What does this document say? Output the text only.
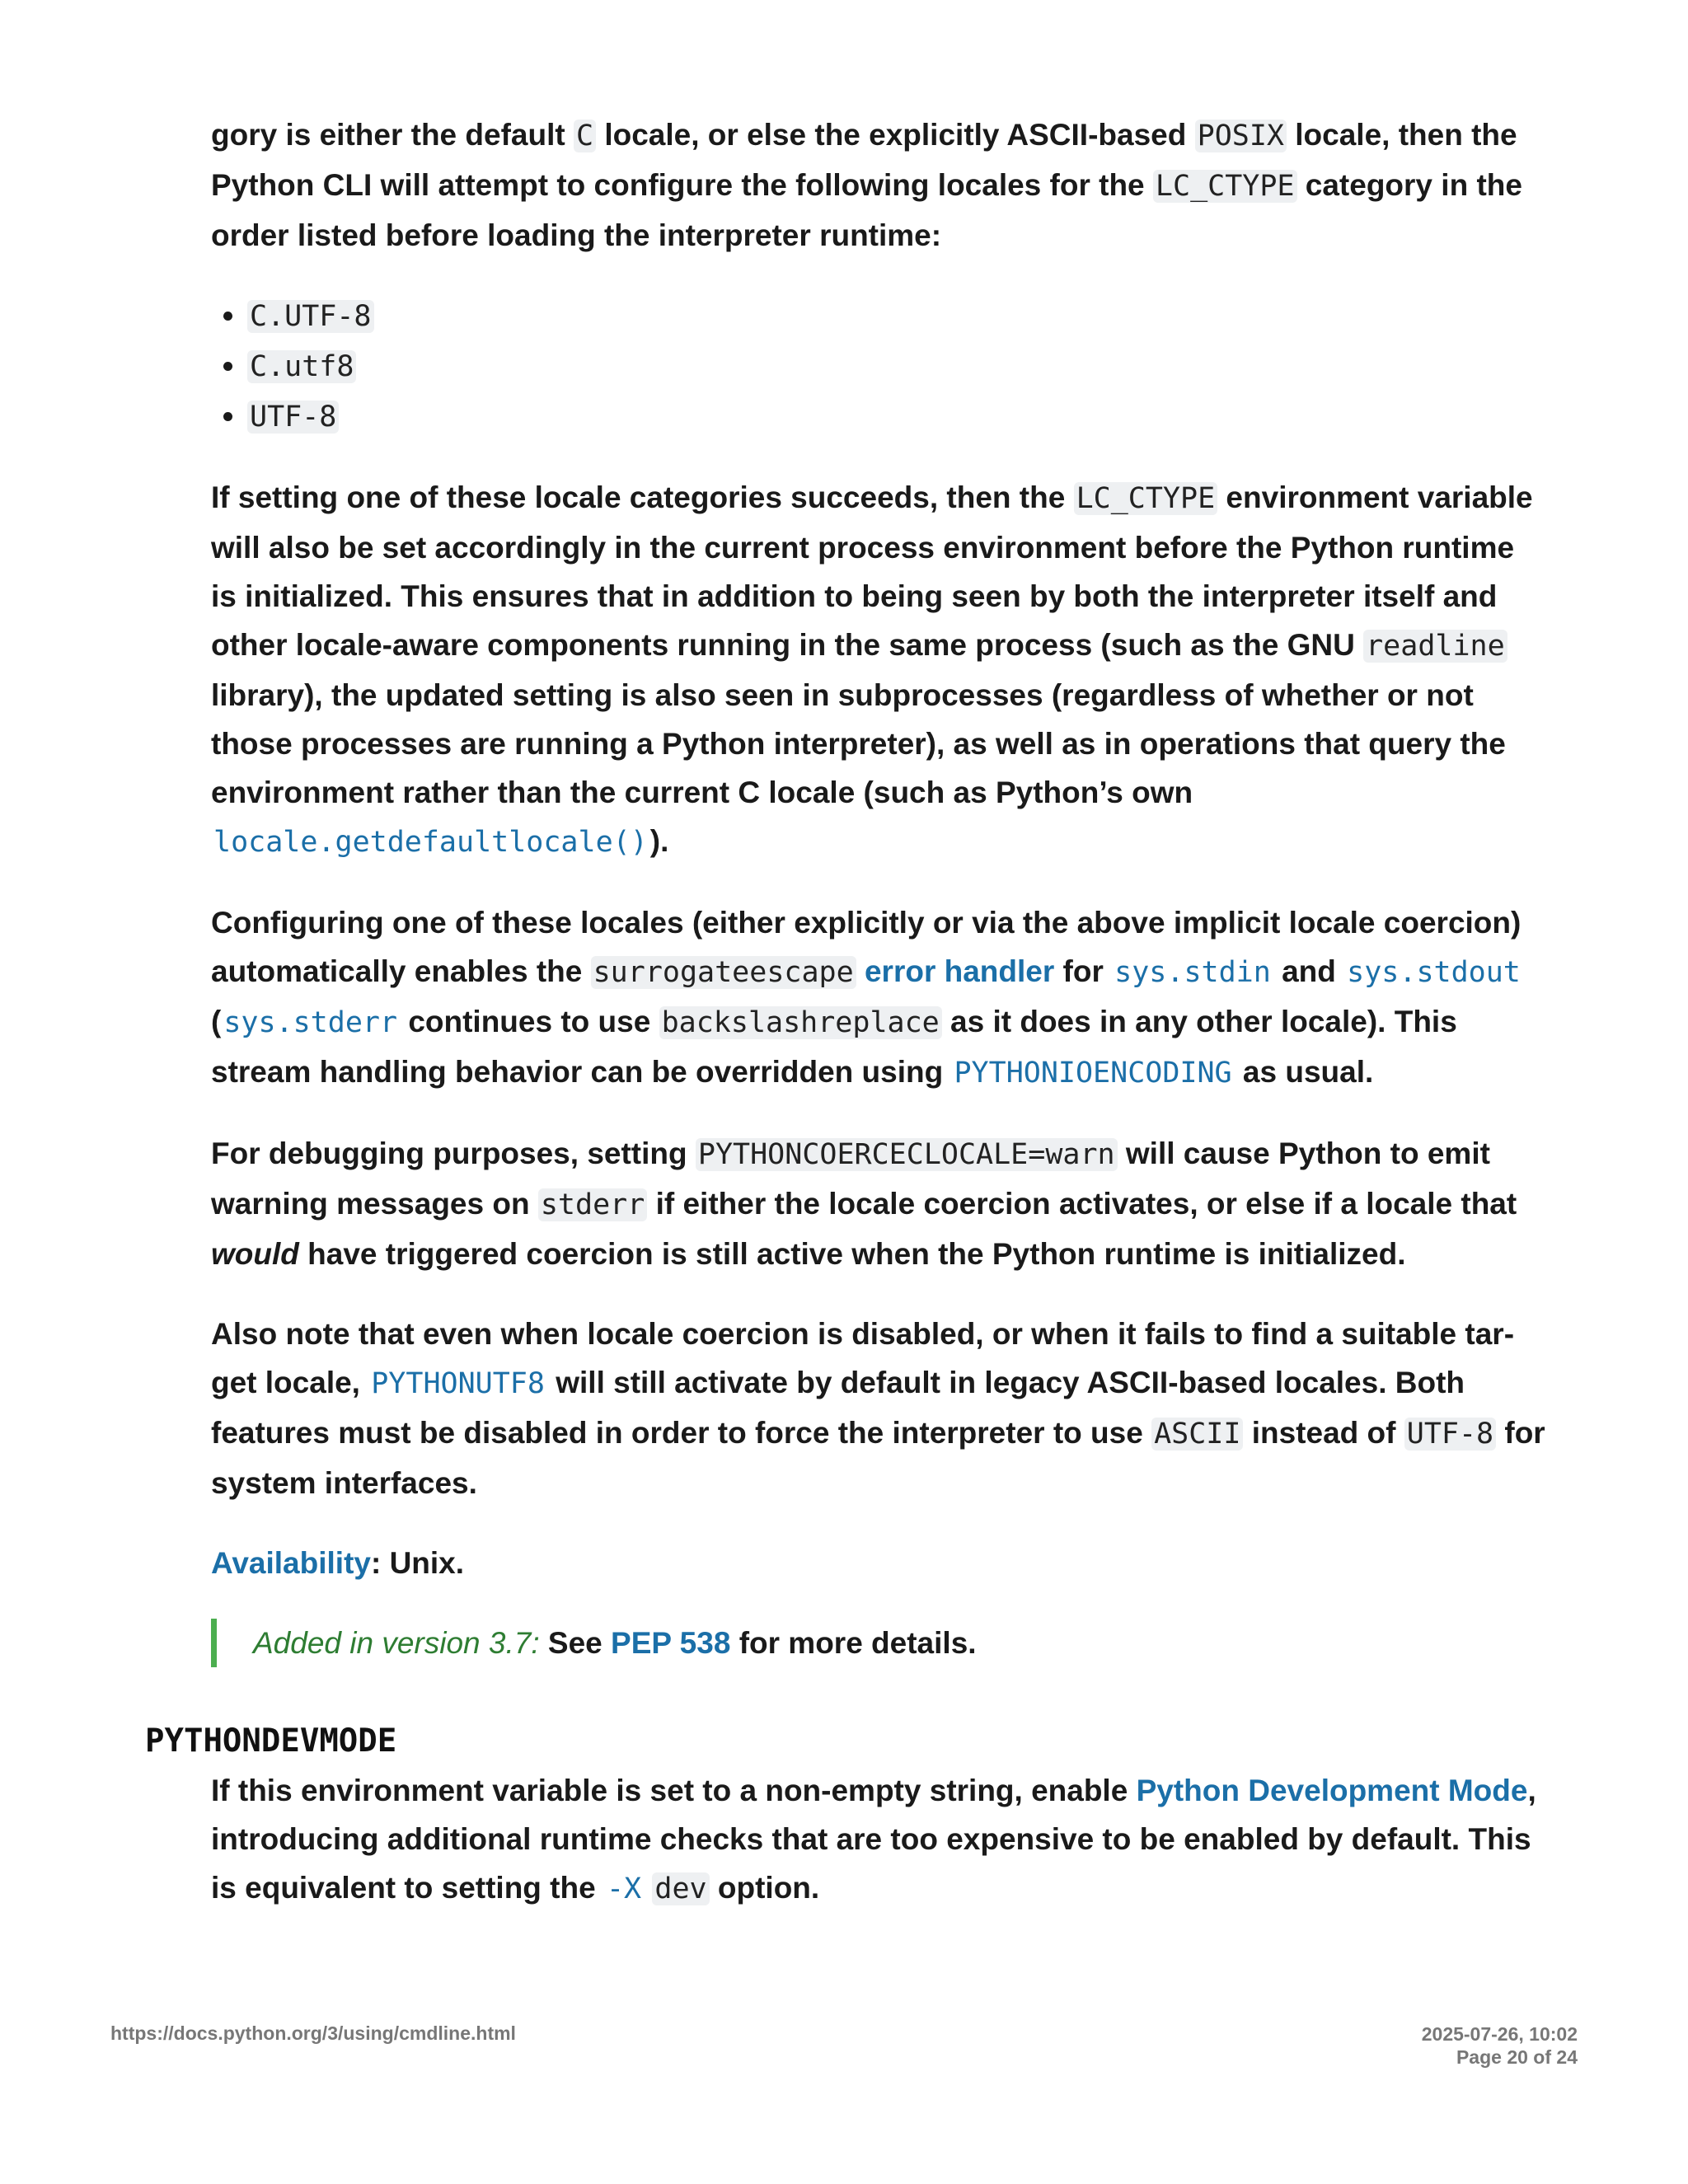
gory is either the default C locale, or else the explicitly ASCII-based POSIX locale, then the Python CLI will attempt to configure the following locales for the LC_CTYPE category in the order listed before loading the interpreter runtime:

• C.UTF-8
• C.utf8
• UTF-8

If setting one of these locale categories succeeds, then the LC_CTYPE environment variable will also be set accordingly in the current process environment before the Python runtime is initialized. This ensures that in addition to being seen by both the interpreter itself and other locale-aware components running in the same process (such as the GNU readline library), the updated setting is also seen in subprocesses (regardless of whether or not those processes are running a Python interpreter), as well as in operations that query the environment rather than the current C locale (such as Python’s own locale.getdefaultlocale()).

Configuring one of these locales (either explicitly or via the above implicit locale coercion) automatically enables the surrogateescape error handler for sys.stdin and sys.stdout (sys.stderr continues to use backslashreplace as it does in any other locale). This stream handling behavior can be overridden using PYTHONIOENCODING as usual.

For debugging purposes, setting PYTHONCOERCECLOCALE=warn will cause Python to emit warning messages on stderr if either the locale coercion activates, or else if a locale that would have triggered coercion is still active when the Python runtime is initialized.

Also note that even when locale coercion is disabled, or when it fails to find a suitable target locale, PYTHONUTF8 will still activate by default in legacy ASCII-based locales. Both features must be disabled in order to force the interpreter to use ASCII instead of UTF-8 for system interfaces.

Availability: Unix.

Added in version 3.7: See PEP 538 for more details.
PYTHONDEVMODE

If this environment variable is set to a non-empty string, enable Python Development Mode, introducing additional runtime checks that are too expensive to be enabled by default. This is equivalent to setting the -X dev option.

https://docs.python.org/3/using/cmdline.html	2025-07-26, 10:02
Page 20 of 24
